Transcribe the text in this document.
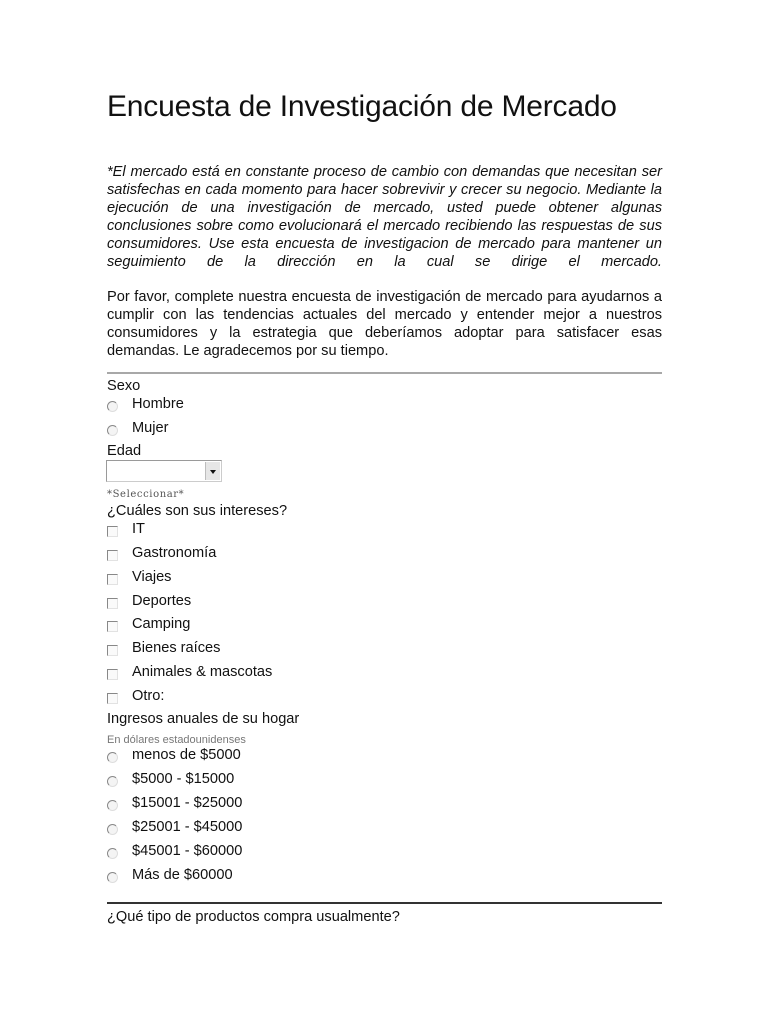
Encuesta de Investigación de Mercado
*El mercado está en constante proceso de cambio con demandas que necesitan ser satisfechas en cada momento para hacer sobrevivir y crecer su negocio. Mediante la ejecución de una investigación de mercado, usted puede obtener algunas conclusiones sobre como evolucionará el mercado recibiendo las respuestas de sus consumidores. Use esta encuesta de investigacion de mercado para mantener un seguimiento de la dirección en la cual se dirige el mercado.

Por favor, complete nuestra encuesta de investigación de mercado para ayudarnos a cumplir con las tendencias actuales del mercado y entender mejor a nuestros consumidores y la estrategia que deberíamos adoptar para satisfacer esas demandas. Le agradecemos por su tiempo.

Sexo
Hombre
Mujer
Edad
*Seleccionar*
¿Cuáles son sus intereses?
IT
Gastronomía
Viajes
Deportes
Camping
Bienes raíces
Animales & mascotas
Otro:
Ingresos anuales de su hogar
En dólares estadounidenses
menos de $5000
$5000 - $15000
$15001 - $25000
$25001 - $45000
$45001 - $60000
Más de $60000
¿Qué tipo de productos compra usualmente?
